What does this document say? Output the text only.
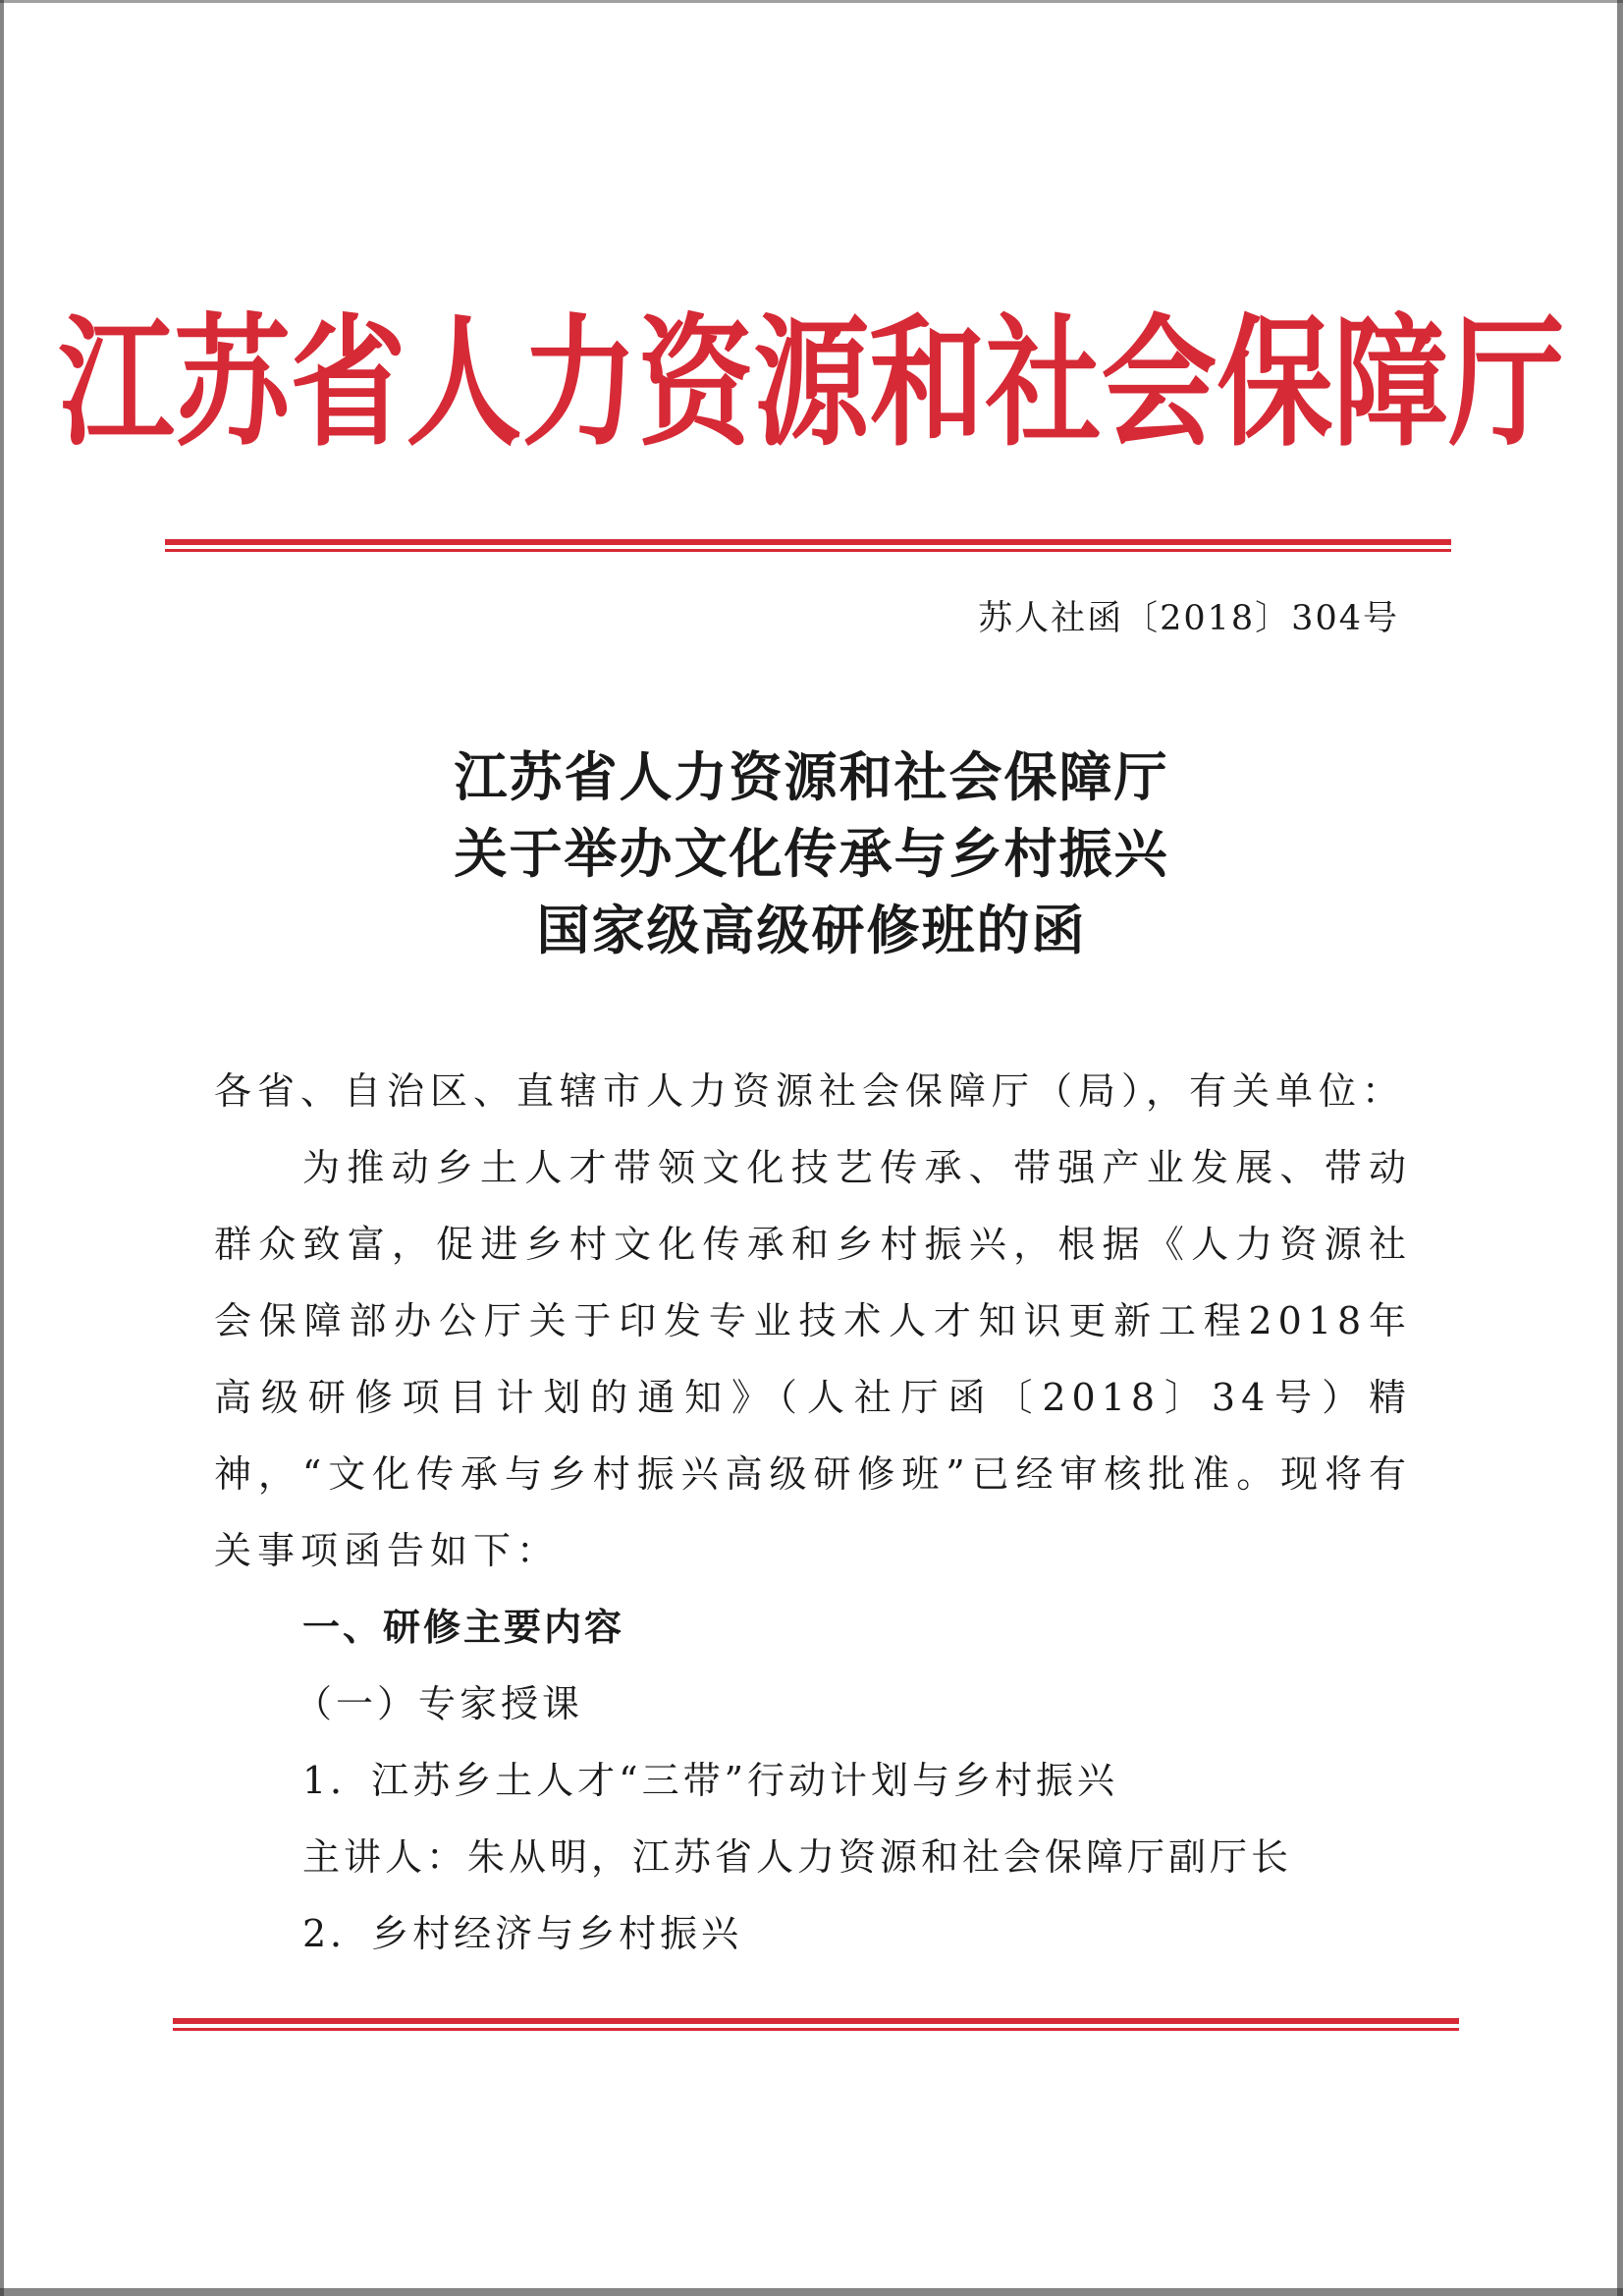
江苏省人力资源和社会保障厅
苏人社函〔2018〕304号
江苏省人力资源和社会保障厅
关于举办文化传承与乡村振兴
国家级高级研修班的函
各省、自治区、直辖市人力资源社会保障厅（局），有关单位：
为推动乡土人才带领文化技艺传承、带强产业发展、带动群众致富，促进乡村文化传承和乡村振兴，根据《人力资源社会保障部办公厅关于印发专业技术人才知识更新工程2018年高级研修项目计划的通知》（人社厅函〔2018〕34号）精神，“文化传承与乡村振兴高级研修班”已经审核批准。现将有关事项函告如下：
一、研修主要内容
（一）专家授课
1．江苏乡土人才“三带”行动计划与乡村振兴
主讲人：朱从明，江苏省人力资源和社会保障厅副厅长
2．乡村经济与乡村振兴
